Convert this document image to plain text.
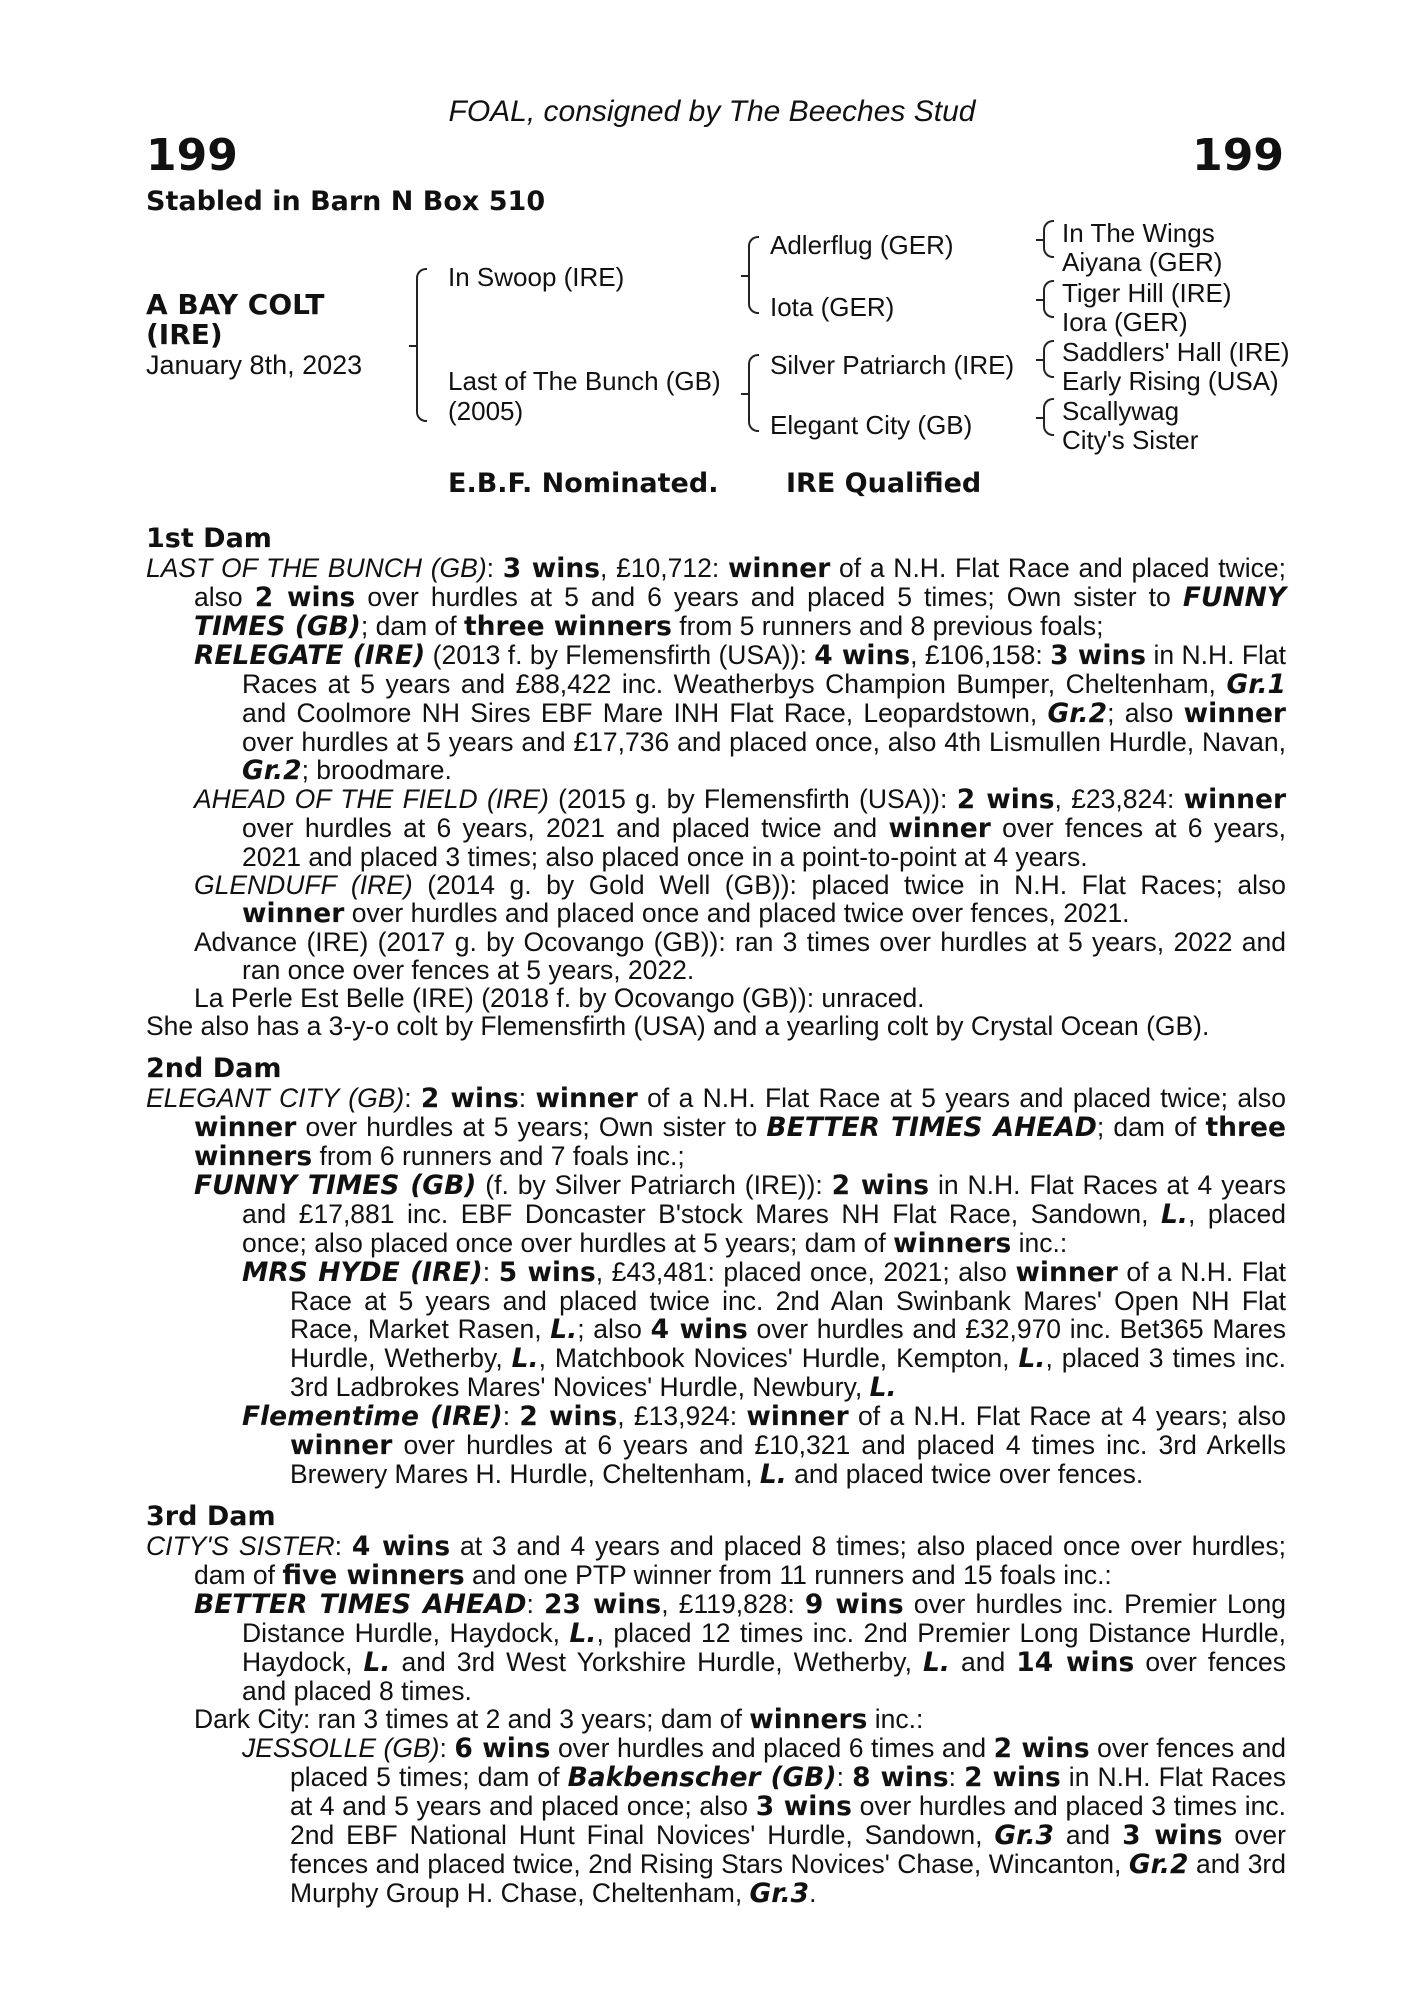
FOAL, consigned by The Beeches Stud
199	199
Stabled in Barn N Box 510
A BAY COLT
(IRE)
January 8th, 2023
In Swoop (IRE)
Last of The Bunch (GB)
(2005)
Adlerflug (GER)
Iota (GER)
Silver Patriarch (IRE)
Elegant City (GB)
In The Wings
Aiyana (GER)
Tiger Hill (IRE)
Iora (GER)
Saddlers' Hall (IRE)
Early Rising (USA)
Scallywag
City's Sister
E.B.F. Nominated.	IRE Qualified
1st Dam
LAST OF THE BUNCH (GB): 3 wins, £10,712: winner of a N.H. Flat Race and placed twice; also 2 wins over hurdles at 5 and 6 years and placed 5 times; Own sister to FUNNY TIMES (GB); dam of three winners from 5 runners and 8 previous foals;
RELEGATE (IRE) (2013 f. by Flemensfirth (USA)): 4 wins, £106,158: 3 wins in N.H. Flat Races at 5 years and £88,422 inc. Weatherbys Champion Bumper, Cheltenham, Gr.1 and Coolmore NH Sires EBF Mare INH Flat Race, Leopardstown, Gr.2; also winner over hurdles at 5 years and £17,736 and placed once, also 4th Lismullen Hurdle, Navan, Gr.2; broodmare.
AHEAD OF THE FIELD (IRE) (2015 g. by Flemensfirth (USA)): 2 wins, £23,824: winner over hurdles at 6 years, 2021 and placed twice and winner over fences at 6 years, 2021 and placed 3 times; also placed once in a point-to-point at 4 years.
GLENDUFF (IRE) (2014 g. by Gold Well (GB)): placed twice in N.H. Flat Races; also winner over hurdles and placed once and placed twice over fences, 2021.
Advance (IRE) (2017 g. by Ocovango (GB)): ran 3 times over hurdles at 5 years, 2022 and ran once over fences at 5 years, 2022.
La Perle Est Belle (IRE) (2018 f. by Ocovango (GB)): unraced.
She also has a 3-y-o colt by Flemensfirth (USA) and a yearling colt by Crystal Ocean (GB).
2nd Dam
ELEGANT CITY (GB): 2 wins: winner of a N.H. Flat Race at 5 years and placed twice; also winner over hurdles at 5 years; Own sister to BETTER TIMES AHEAD; dam of three winners from 6 runners and 7 foals inc.;
FUNNY TIMES (GB) (f. by Silver Patriarch (IRE)): 2 wins in N.H. Flat Races at 4 years and £17,881 inc. EBF Doncaster B'stock Mares NH Flat Race, Sandown, L., placed once; also placed once over hurdles at 5 years; dam of winners inc.:
MRS HYDE (IRE): 5 wins, £43,481: placed once, 2021; also winner of a N.H. Flat Race at 5 years and placed twice inc. 2nd Alan Swinbank Mares' Open NH Flat Race, Market Rasen, L.; also 4 wins over hurdles and £32,970 inc. Bet365 Mares Hurdle, Wetherby, L., Matchbook Novices' Hurdle, Kempton, L., placed 3 times inc. 3rd Ladbrokes Mares' Novices' Hurdle, Newbury, L.
Flementime (IRE): 2 wins, £13,924: winner of a N.H. Flat Race at 4 years; also winner over hurdles at 6 years and £10,321 and placed 4 times inc. 3rd Arkells Brewery Mares H. Hurdle, Cheltenham, L. and placed twice over fences.
3rd Dam
CITY'S SISTER: 4 wins at 3 and 4 years and placed 8 times; also placed once over hurdles; dam of five winners and one PTP winner from 11 runners and 15 foals inc.:
BETTER TIMES AHEAD: 23 wins, £119,828: 9 wins over hurdles inc. Premier Long Distance Hurdle, Haydock, L., placed 12 times inc. 2nd Premier Long Distance Hurdle, Haydock, L. and 3rd West Yorkshire Hurdle, Wetherby, L. and 14 wins over fences and placed 8 times.
Dark City: ran 3 times at 2 and 3 years; dam of winners inc.:
JESSOLLE (GB): 6 wins over hurdles and placed 6 times and 2 wins over fences and placed 5 times; dam of Bakbenscher (GB): 8 wins: 2 wins in N.H. Flat Races at 4 and 5 years and placed once; also 3 wins over hurdles and placed 3 times inc. 2nd EBF National Hunt Final Novices' Hurdle, Sandown, Gr.3 and 3 wins over fences and placed twice, 2nd Rising Stars Novices' Chase, Wincanton, Gr.2 and 3rd Murphy Group H. Chase, Cheltenham, Gr.3.
